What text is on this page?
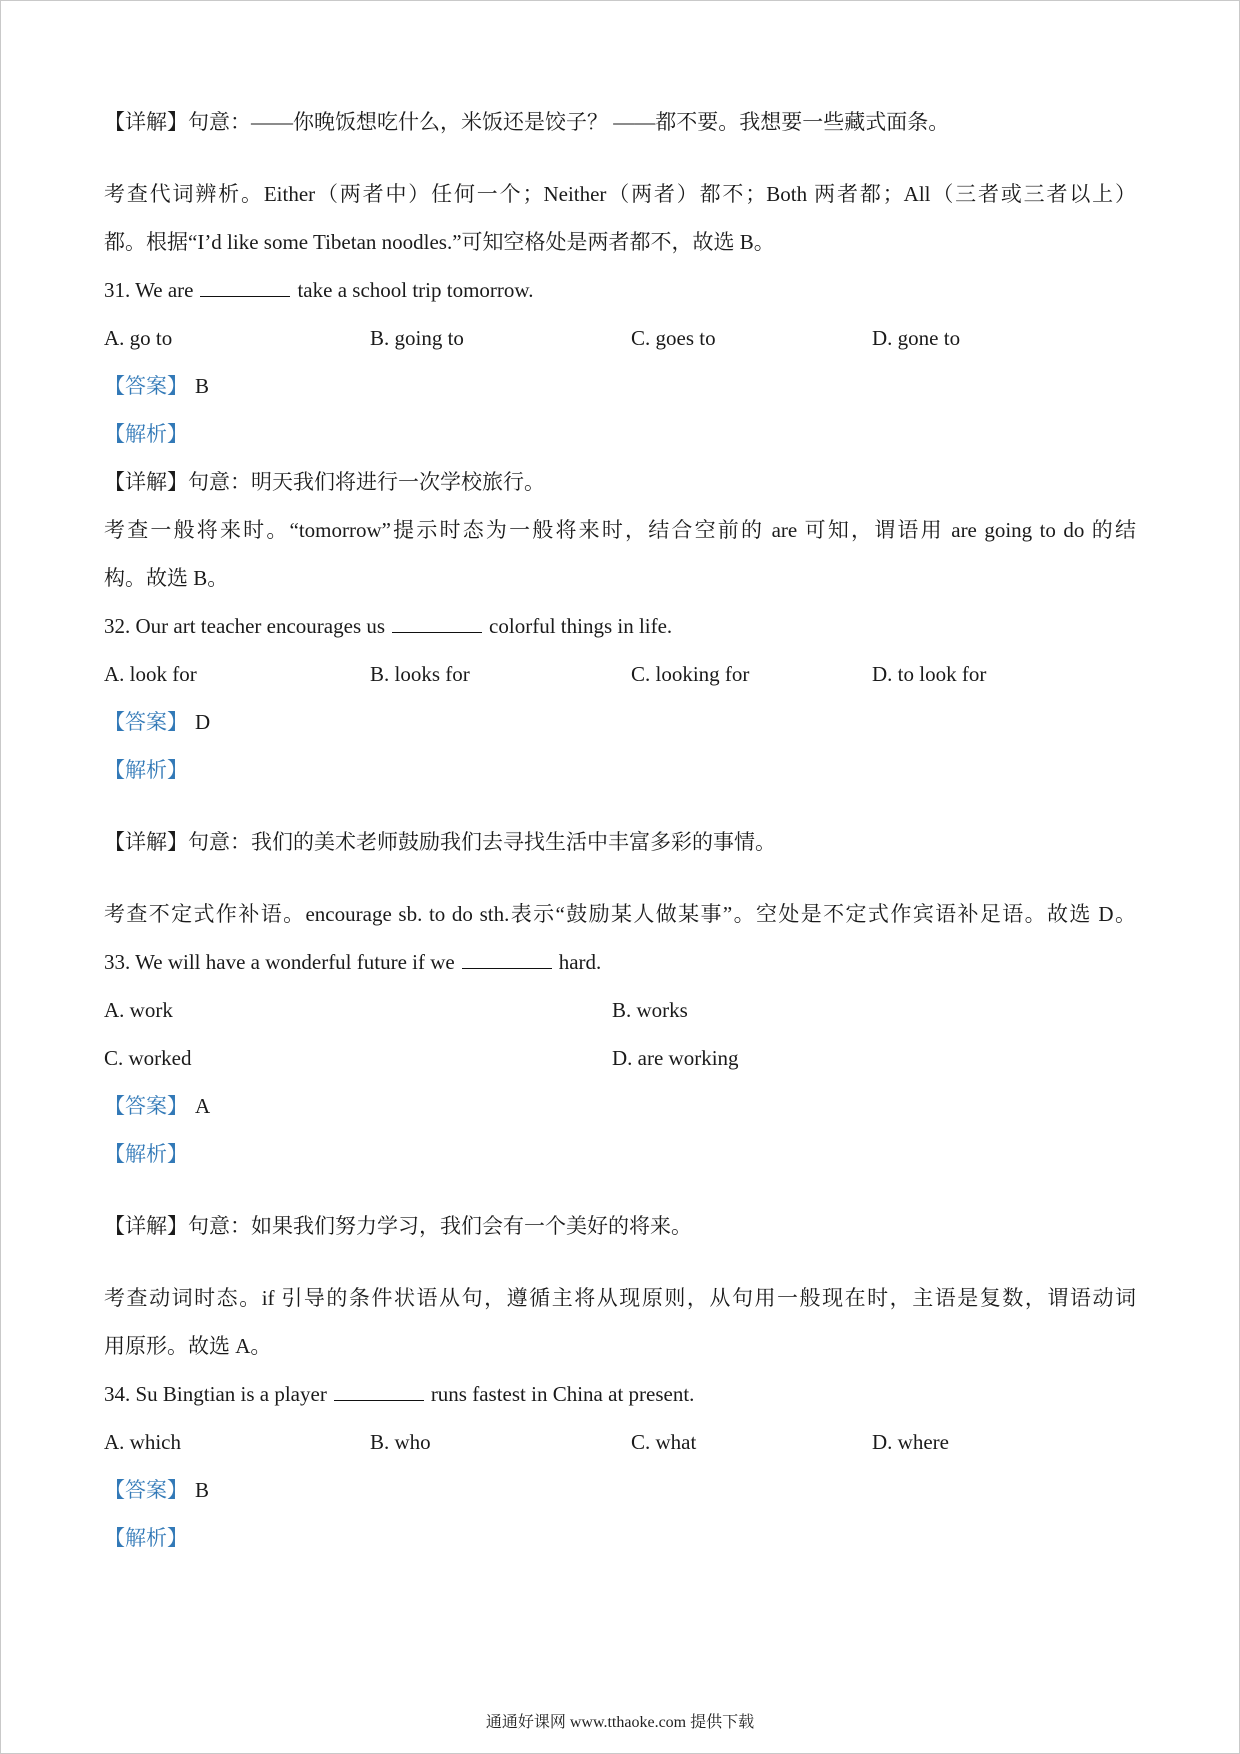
【详解】句意：——你晚饭想吃什么，米饭还是饺子？ ——都不要。我想要一些藏式面条。
考查代词辨析。Either（两者中）任何一个；Neither（两者）都不；Both 两者都；All（三者或三者以上）
都。根据“I’d like some Tibetan noodles.”可知空格处是两者都不，故选 B。
31. We are	take a school trip tomorrow.
A. go to	B. going to	C. goes to	D. gone to
【答案】 B
【解析】
【详解】句意：明天我们将进行一次学校旅行。
考查一般将来时。“tomorrow”提示时态为一般将来时，结合空前的 are 可知，谓语用 are going to do 的结
构。故选 B。
32. Our art teacher encourages us	colorful things in life.
A. look for	B. looks for	C. looking for	D. to look for
【答案】 D
【解析】
【详解】句意：我们的美术老师鼓励我们去寻找生活中丰富多彩的事情。
考查不定式作补语。encourage sb. to do sth.表示“鼓励某人做某事”。空处是不定式作宾语补足语。故选 D。
33. We will have a wonderful future if we	hard.
A. work	B. works
C. worked	D. are working
【答案】 A
【解析】
【详解】句意：如果我们努力学习，我们会有一个美好的将来。
考查动词时态。if 引导的条件状语从句，遵循主将从现原则，从句用一般现在时，主语是复数，谓语动词
用原形。故选 A。
34. Su Bingtian is a player	runs fastest in China at present.
A. which	B. who	C. what	D. where
【答案】 B
【解析】
通通好课网 www.tthaoke.com 提供下载
